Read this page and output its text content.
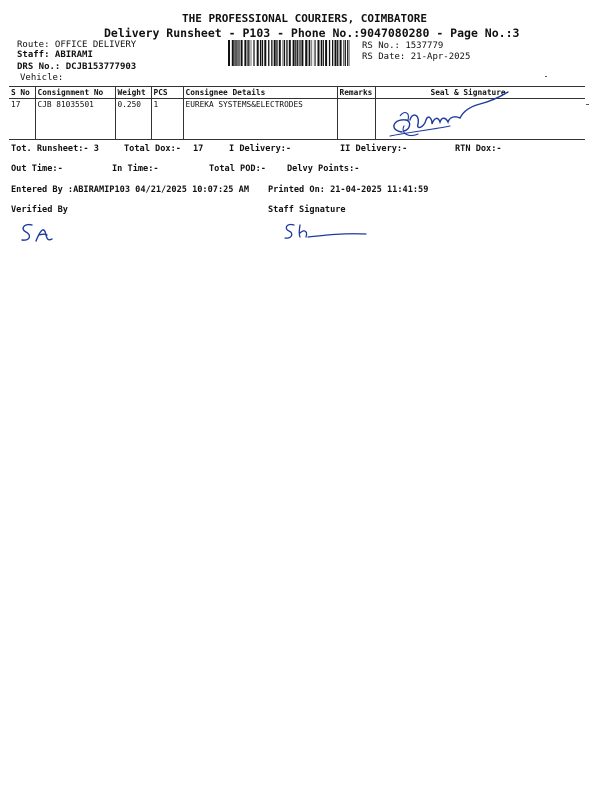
THE PROFESSIONAL COURIERS, COIMBATORE
Delivery Runsheet - P103 - Phone No.:9047080280 - Page No.:3
Route: OFFICE DELIVERY
Staff: ABIRAMI
DRS No.: DCJB153777903
Vehicle:
RS No.: 1537779
RS Date: 21-Apr-2025
S No	Consignment No	Weight	PCS	Consignee Details	Remarks	Seal & Signature
17	CJB 81035501	0.250	1	EUREKA SYSTEMS&ELECTRODES		
Tot. Runsheet:- 3	Total Dox:- 17	I Delivery:-	II Delivery:-	RTN Dox:-
Out Time:-	In Time:-	Total POD:- Delvy Points:-
Entered By :ABIRAMIP103 04/21/2025 10:07:25 AM Printed On: 21-04-2025 11:41:59
Verified By	Staff Signature
